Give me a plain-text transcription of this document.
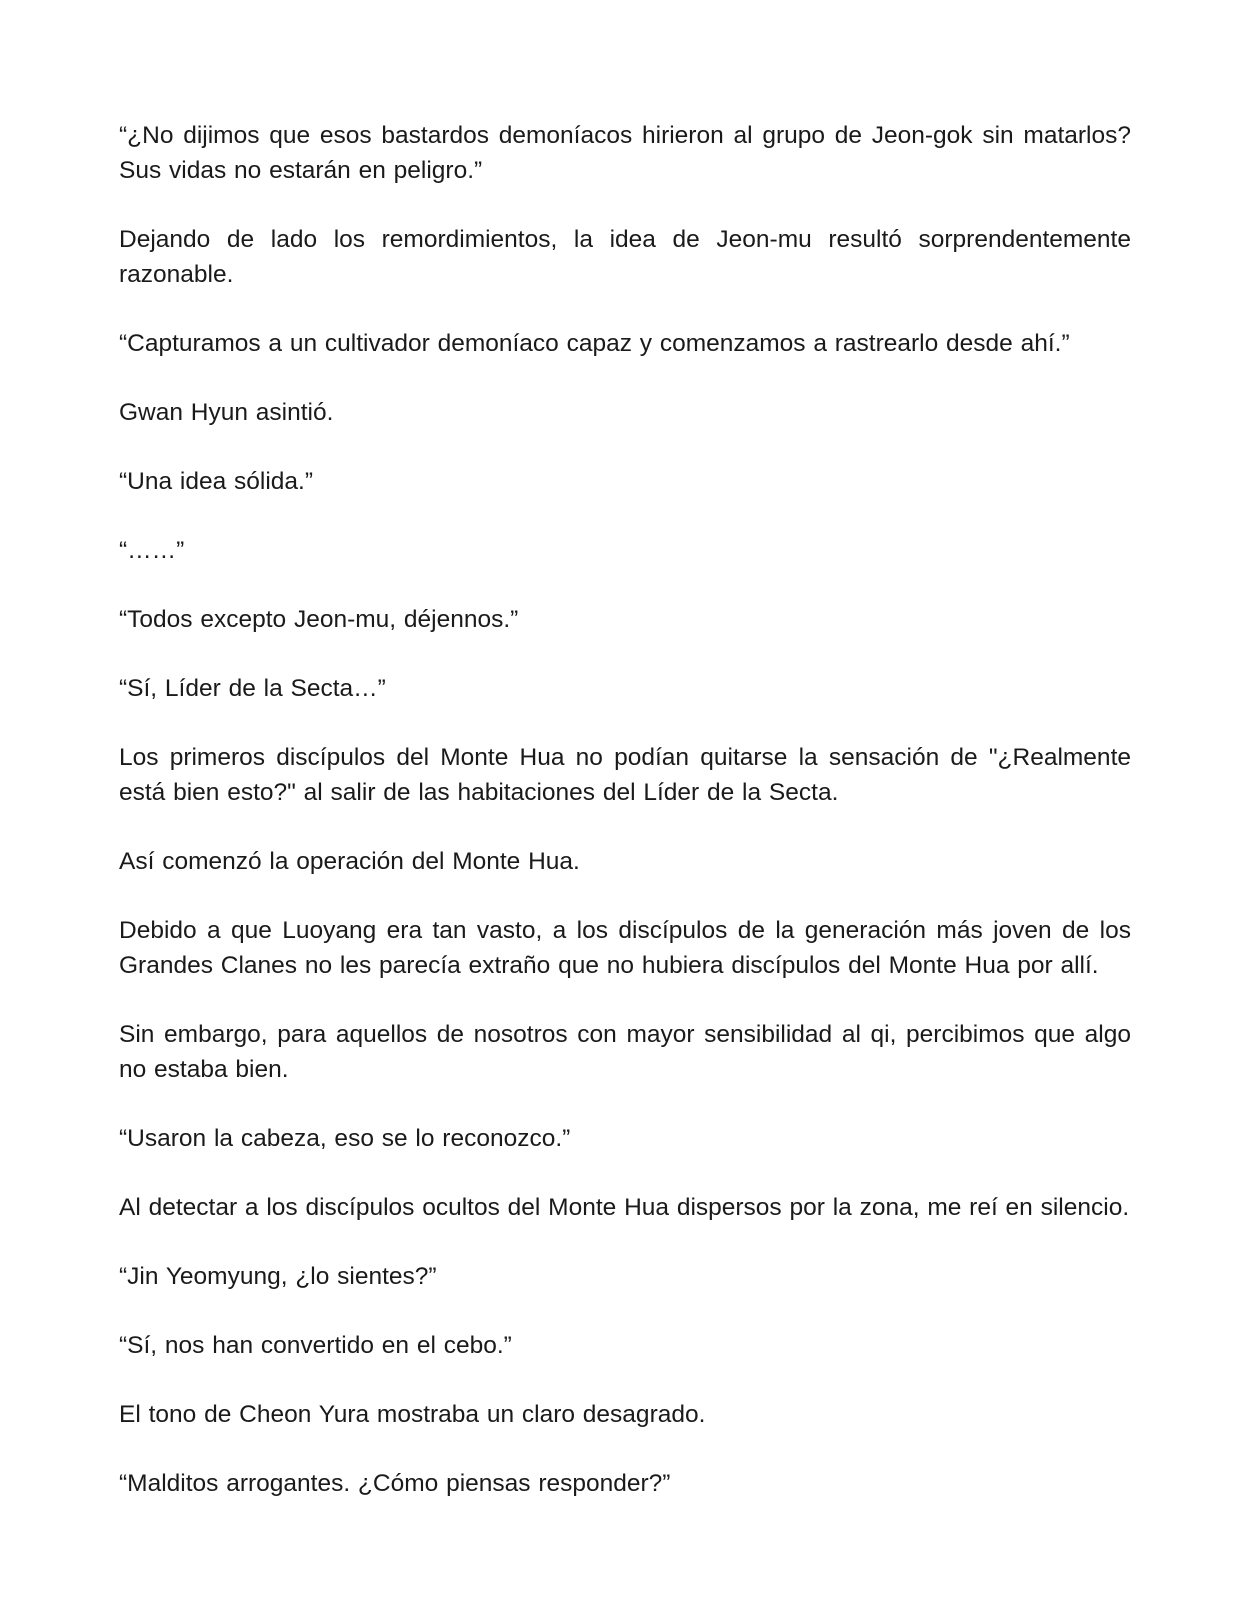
“¿No dijimos que esos bastardos demoníacos hirieron al grupo de Jeon-gok sin matarlos? Sus vidas no estarán en peligro.”

Dejando de lado los remordimientos, la idea de Jeon-mu resultó sorprendentemente razonable.

“Capturamos a un cultivador demoníaco capaz y comenzamos a rastrearlo desde ahí.”

Gwan Hyun asintió.

“Una idea sólida.”

“……”

“Todos excepto Jeon-mu, déjennos.”

“Sí, Líder de la Secta…”

Los primeros discípulos del Monte Hua no podían quitarse la sensación de "¿Realmente está bien esto?" al salir de las habitaciones del Líder de la Secta.

Así comenzó la operación del Monte Hua.

Debido a que Luoyang era tan vasto, a los discípulos de la generación más joven de los Grandes Clanes no les parecía extraño que no hubiera discípulos del Monte Hua por allí.

Sin embargo, para aquellos de nosotros con mayor sensibilidad al qi, percibimos que algo no estaba bien.

“Usaron la cabeza, eso se lo reconozco.”

Al detectar a los discípulos ocultos del Monte Hua dispersos por la zona, me reí en silencio.

“Jin Yeomyung, ¿lo sientes?”

“Sí, nos han convertido en el cebo.”

El tono de Cheon Yura mostraba un claro desagrado.

“Malditos arrogantes. ¿Cómo piensas responder?”
